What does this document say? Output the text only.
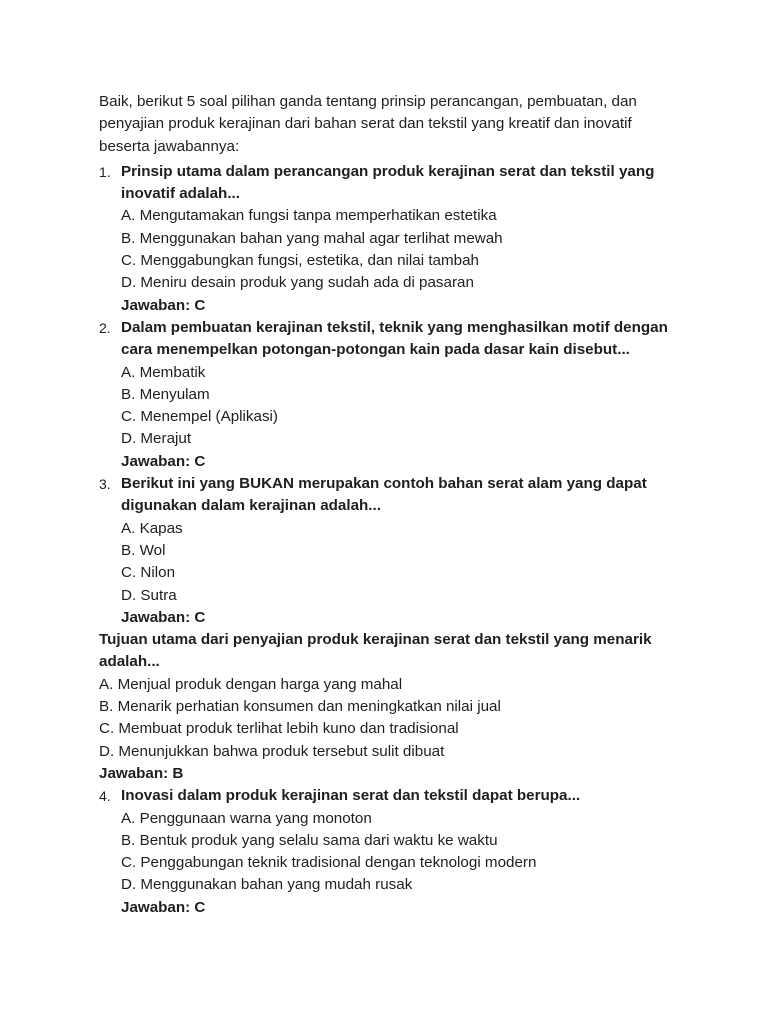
Baik, berikut 5 soal pilihan ganda tentang prinsip perancangan, pembuatan, dan penyajian produk kerajinan dari bahan serat dan tekstil yang kreatif dan inovatif beserta jawabannya:
1. Prinsip utama dalam perancangan produk kerajinan serat dan tekstil yang
inovatif adalah...
A. Mengutamakan fungsi tanpa memperhatikan estetika
B. Menggunakan bahan yang mahal agar terlihat mewah
C. Menggabungkan fungsi, estetika, dan nilai tambah
D. Meniru desain produk yang sudah ada di pasaran
Jawaban: C
2. Dalam pembuatan kerajinan tekstil, teknik yang menghasilkan motif dengan
cara menempelkan potongan-potongan kain pada dasar kain disebut...
A. Membatik
B. Menyulam
C. Menempel (Aplikasi)
D. Merajut
Jawaban: C
3. Berikut ini yang BUKAN merupakan contoh bahan serat alam yang dapat
digunakan dalam kerajinan adalah...
A. Kapas
B. Wol
C. Nilon
D. Sutra
Jawaban: C
Tujuan utama dari penyajian produk kerajinan serat dan tekstil yang menarik
adalah...
A. Menjual produk dengan harga yang mahal
B. Menarik perhatian konsumen dan meningkatkan nilai jual
C. Membuat produk terlihat lebih kuno dan tradisional
D. Menunjukkan bahwa produk tersebut sulit dibuat
Jawaban: B
4. Inovasi dalam produk kerajinan serat dan tekstil dapat berupa...
A. Penggunaan warna yang monoton
B. Bentuk produk yang selalu sama dari waktu ke waktu
C. Penggabungan teknik tradisional dengan teknologi modern
D. Menggunakan bahan yang mudah rusak
Jawaban: C
